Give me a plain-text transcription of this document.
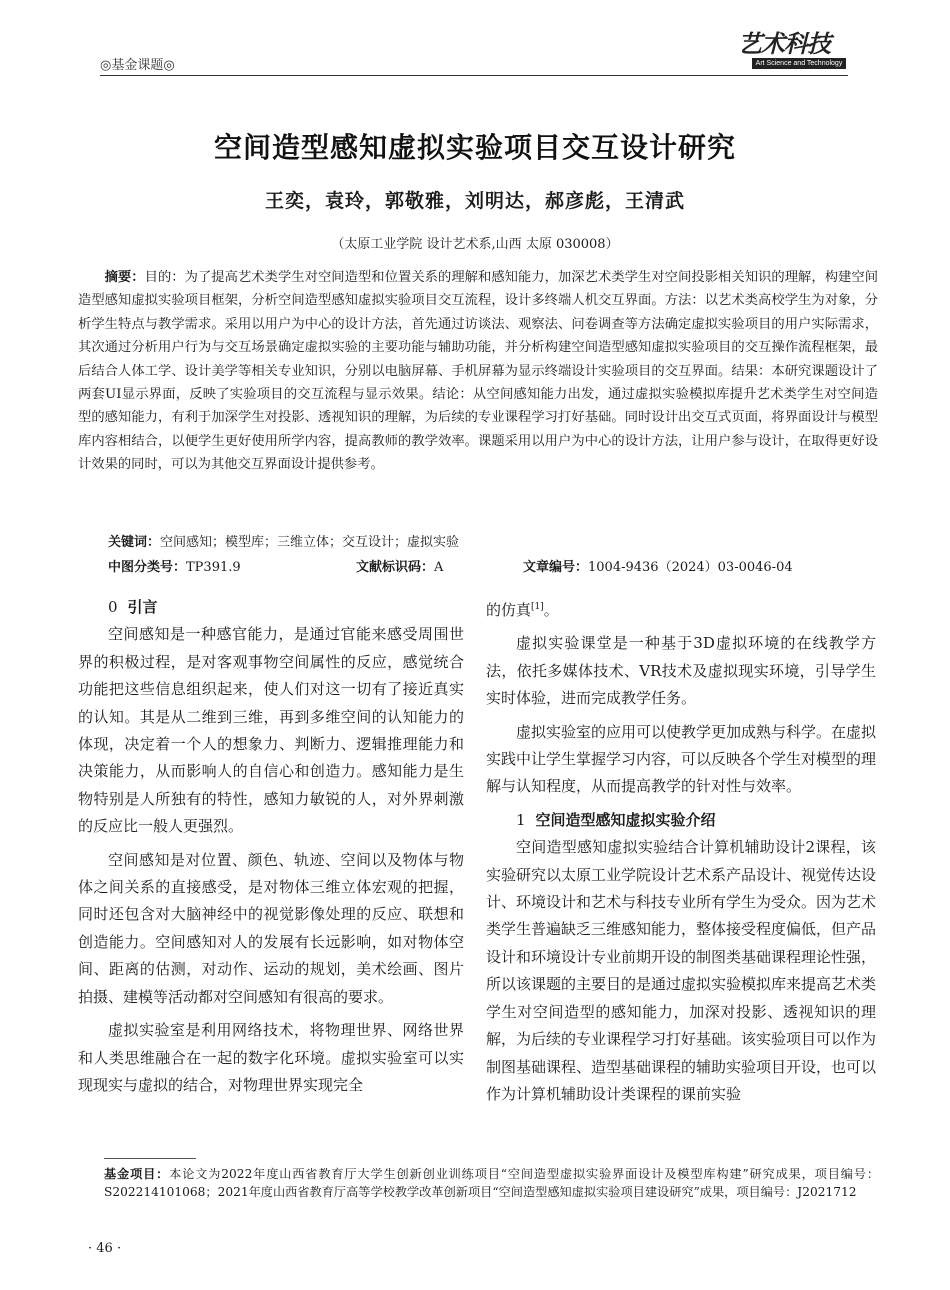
◎基金课题◎
艺术科技
Art Science and Technology
空间造型感知虚拟实验项目交互设计研究
王奕，袁玲，郭敬雅，刘明达，郝彦彪，王清武
（太原工业学院 设计艺术系,山西 太原 030008）

摘要：目的：为了提高艺术类学生对空间造型和位置关系的理解和感知能力，加深艺术类学生对空间投影相关知识的理解，构建空间造型感知虚拟实验项目框架，分析空间造型感知虚拟实验项目交互流程，设计多终端人机交互界面。方法：以艺术类高校学生为对象，分析学生特点与教学需求。采用以用户为中心的设计方法，首先通过访谈法、观察法、问卷调查等方法确定虚拟实验项目的用户实际需求，其次通过分析用户行为与交互场景确定虚拟实验的主要功能与辅助功能，并分析构建空间造型感知虚拟实验项目的交互操作流程框架，最后结合人体工学、设计美学等相关专业知识，分别以电脑屏幕、手机屏幕为显示终端设计实验项目的交互界面。结果：本研究课题设计了两套UI显示界面，反映了实验项目的交互流程与显示效果。结论：从空间感知能力出发，通过虚拟实验模拟库提升艺术类学生对空间造型的感知能力，有利于加深学生对投影、透视知识的理解，为后续的专业课程学习打好基础。同时设计出交互式页面，将界面设计与模型库内容相结合，以便学生更好使用所学内容，提高教师的教学效率。课题采用以用户为中心的设计方法，让用户参与设计，在取得更好设计效果的同时，可以为其他交互界面设计提供参考。

关键词：空间感知；模型库；三维立体；交互设计；虚拟实验
中图分类号：TP391.9	文献标识码：A	文章编号：1004-9436（2024）03-0046-04
0 引言

空间感知是一种感官能力，是通过官能来感受周围世界的积极过程，是对客观事物空间属性的反应，感觉统合功能把这些信息组织起来，使人们对这一切有了接近真实的认知。其是从二维到三维，再到多维空间的认知能力的体现，决定着一个人的想象力、判断力、逻辑推理能力和决策能力，从而影响人的自信心和创造力。感知能力是生物特别是人所独有的特性，感知力敏锐的人，对外界刺激的反应比一般人更强烈。

空间感知是对位置、颜色、轨迹、空间以及物体与物体之间关系的直接感受，是对物体三维立体宏观的把握，同时还包含对大脑神经中的视觉影像处理的反应、联想和创造能力。空间感知对人的发展有长远影响，如对物体空间、距离的估测，对动作、运动的规划，美术绘画、图片拍摄、建模等活动都对空间感知有很高的要求。

虚拟实验室是利用网络技术，将物理世界、网络世界和人类思维融合在一起的数字化环境。虚拟实验室可以实现现实与虚拟的结合，对物理世界实现完全

的仿真[1]。

虚拟实验课堂是一种基于3D虚拟环境的在线教学方法，依托多媒体技术、VR技术及虚拟现实环境，引导学生实时体验，进而完成教学任务。

虚拟实验室的应用可以使教学更加成熟与科学。在虚拟实践中让学生掌握学习内容，可以反映各个学生对模型的理解与认知程度，从而提高教学的针对性与效率。

1 空间造型感知虚拟实验介绍

空间造型感知虚拟实验结合计算机辅助设计2课程，该实验研究以太原工业学院设计艺术系产品设计、视觉传达设计、环境设计和艺术与科技专业所有学生为受众。因为艺术类学生普遍缺乏三维感知能力，整体接受程度偏低，但产品设计和环境设计专业前期开设的制图类基础课程理论性强，所以该课题的主要目的是通过虚拟实验模拟库来提高艺术类学生对空间造型的感知能力，加深对投影、透视知识的理解，为后续的专业课程学习打好基础。该实验项目可以作为制图基础课程、造型基础课程的辅助实验项目开设，也可以作为计算机辅助设计类课程的课前实验

基金项目：本论文为2022年度山西省教育厅大学生创新创业训练项目“空间造型虚拟实验界面设计及模型库构建”研究成果，项目编号：S202214101068；2021年度山西省教育厅高等学校教学改革创新项目“空间造型感知虚拟实验项目建设研究”成果，项目编号：J2021712
· 46 ·
